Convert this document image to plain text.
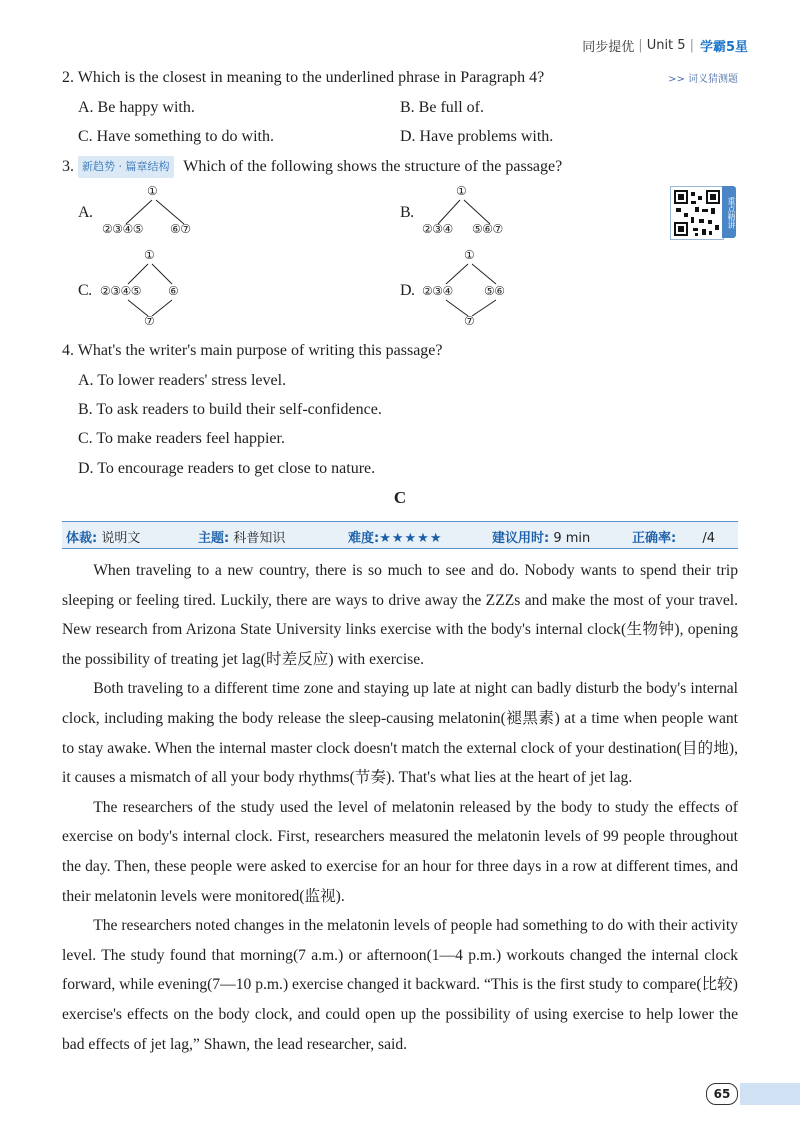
同步提优 | Unit 5 | 学霸5星
>> 词义猜测题
2. Which is the closest in meaning to the underlined phrase in Paragraph 4?
A. Be happy with.	B. Be full of.
C. Have something to do with.	D. Have problems with.
3. 新趋势 · 篇章结构 Which of the following shows the structure of the passage?
A.
①
②③④⑤ ⑥⑦
B.
①
②③④ ⑤⑥⑦
C.
①
②③④⑤ ⑥
⑦
D.
①
②③④	⑤⑥
⑦
重点精讲
4. What's the writer's main purpose of writing this passage?
A. To lower readers' stress level.
B. To ask readers to build their self-confidence.
C. To make readers feel happier.
D. To encourage readers to get close to nature.
C
体裁: 说明文	主题: 科普知识	难度:★★★★★	建议用时: 9 min	正确率: /4

When traveling to a new country, there is so much to see and do. Nobody wants to spend their trip sleeping or feeling tired. Luckily, there are ways to drive away the ZZZs and make the most of your travel. New research from Arizona State University links exercise with the body's internal clock(生物钟), opening the possibility of treating jet lag(时差反应) with exercise.

Both traveling to a different time zone and staying up late at night can badly disturb the body's internal clock, including making the body release the sleep-causing melatonin(褪黑素) at a time when people want to stay awake. When the internal master clock doesn't match the external clock of your destination(目的地), it causes a mismatch of all your body rhythms(节奏). That's what lies at the heart of jet lag.

The researchers of the study used the level of melatonin released by the body to study the effects of exercise on body's internal clock. First, researchers measured the melatonin levels of 99 people throughout the day. Then, these people were asked to exercise for an hour for three days in a row at different times, and their melatonin levels were monitored(监视).

The researchers noted changes in the melatonin levels of people had something to do with their activity level. The study found that morning(7 a.m.) or afternoon(1—4 p.m.) workouts changed the internal clock forward, while evening(7—10 p.m.) exercise changed it backward. “This is the first study to compare(比较) exercise's effects on the body clock, and could open up the possibility of using exercise to help lower the bad effects of jet lag,” Shawn, the lead researcher, said.

65
